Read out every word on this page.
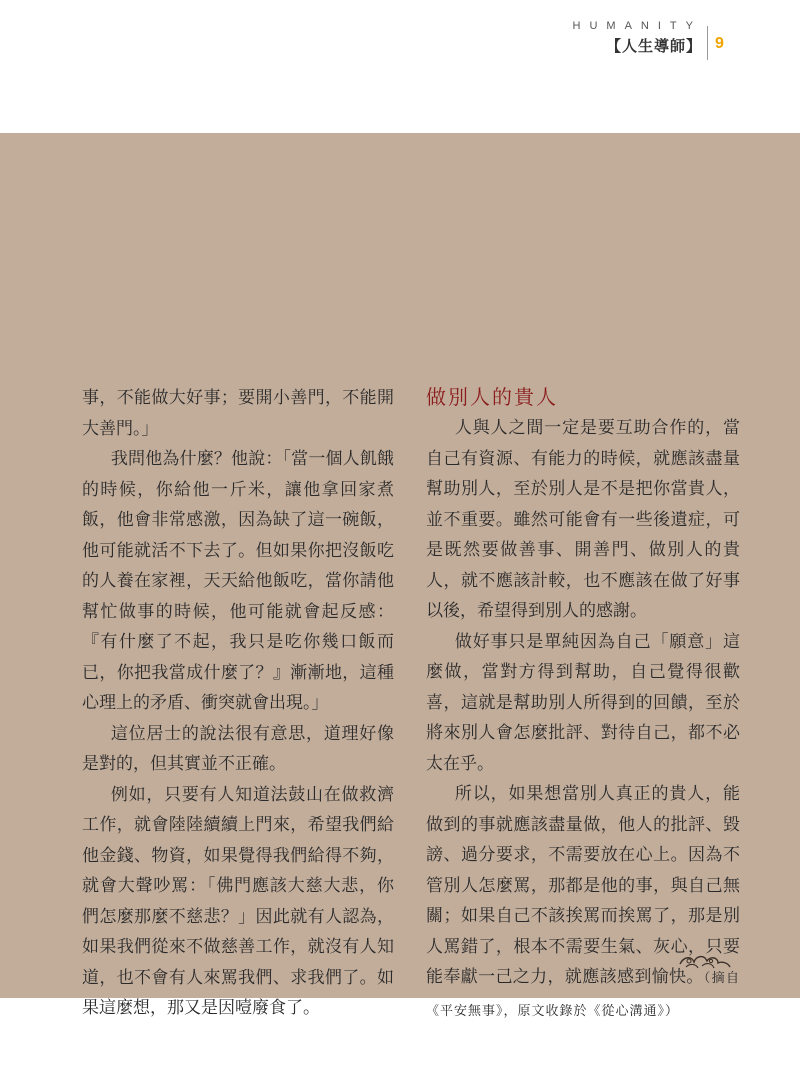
HUMANITY
【人生導師】 9

事，不能做大好事；要開小善門，不能開大善門。」

我問他為什麼？他說：「當一個人飢餓的時候，你給他一斤米，讓他拿回家煮飯，他會非常感激，因為缺了這一碗飯，他可能就活不下去了。但如果你把沒飯吃的人養在家裡，天天給他飯吃，當你請他幫忙做事的時候，他可能就會起反感：『有什麼了不起，我只是吃你幾口飯而已，你把我當成什麼了？』漸漸地，這種心理上的矛盾、衝突就會出現。」

這位居士的說法很有意思，道理好像是對的，但其實並不正確。

例如，只要有人知道法鼓山在做救濟工作，就會陸陸續續上門來，希望我們給他金錢、物資，如果覺得我們給得不夠，就會大聲吵罵：「佛門應該大慈大悲，你們怎麼那麼不慈悲？」因此就有人認為，如果我們從來不做慈善工作，就沒有人知道，也不會有人來罵我們、求我們了。如果這麼想，那又是因噎廢食了。

做別人的貴人

人與人之間一定是要互助合作的，當自己有資源、有能力的時候，就應該盡量幫助別人，至於別人是不是把你當貴人，並不重要。雖然可能會有一些後遺症，可是既然要做善事、開善門、做別人的貴人，就不應該計較，也不應該在做了好事以後，希望得到別人的感謝。

做好事只是單純因為自己「願意」這麼做，當對方得到幫助，自己覺得很歡喜，這就是幫助別人所得到的回饋，至於將來別人會怎麼批評、對待自己，都不必太在乎。

所以，如果想當別人真正的貴人，能做到的事就應該盡量做，他人的批評、毀謗、過分要求，不需要放在心上。因為不管別人怎麼罵，那都是他的事，與自己無關；如果自己不該挨罵而挨罵了，那是別人罵錯了，根本不需要生氣、灰心，只要能奉獻一己之力，就應該感到愉快。（摘自《平安無事》，原文收錄於《從心溝通》）
